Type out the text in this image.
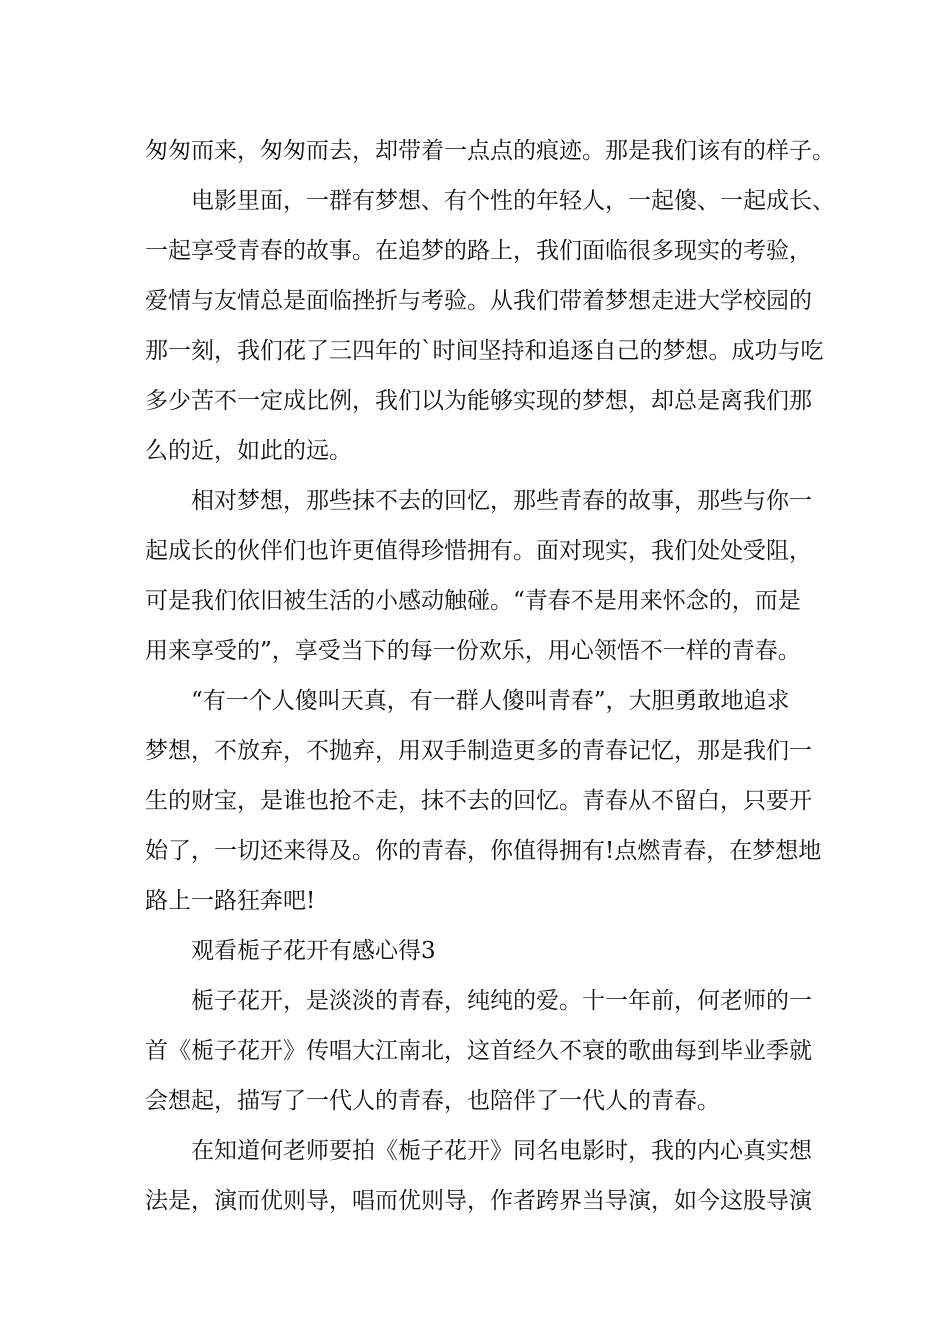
匆匆而来，匆匆而去，却带着一点点的痕迹。那是我们该有的样子。
电影里面，一群有梦想、有个性的年轻人，一起傻、一起成长、
一起享受青春的故事。在追梦的路上，我们面临很多现实的考验，
爱情与友情总是面临挫折与考验。从我们带着梦想走进大学校园的
那一刻，我们花了三四年的`时间坚持和追逐自己的梦想。成功与吃
多少苦不一定成比例，我们以为能够实现的梦想，却总是离我们那
么的近，如此的远。
相对梦想，那些抹不去的回忆，那些青春的故事，那些与你一
起成长的伙伴们也许更值得珍惜拥有。面对现实，我们处处受阻，
可是我们依旧被生活的小感动触碰。“青春不是用来怀念的，而是
用来享受的”，享受当下的每一份欢乐，用心领悟不一样的青春。
“有一个人傻叫天真，有一群人傻叫青春”，大胆勇敢地追求
梦想，不放弃，不抛弃，用双手制造更多的青春记忆，那是我们一
生的财宝，是谁也抢不走，抹不去的回忆。青春从不留白，只要开
始了，一切还来得及。你的青春，你值得拥有!点燃青春，在梦想地
路上一路狂奔吧!
观看栀子花开有感心得3
栀子花开，是淡淡的青春，纯纯的爱。十一年前，何老师的一
首《栀子花开》传唱大江南北，这首经久不衰的歌曲每到毕业季就
会想起，描写了一代人的青春，也陪伴了一代人的青春。
在知道何老师要拍《栀子花开》同名电影时，我的内心真实想
法是，演而优则导，唱而优则导，作者跨界当导演，如今这股导演
